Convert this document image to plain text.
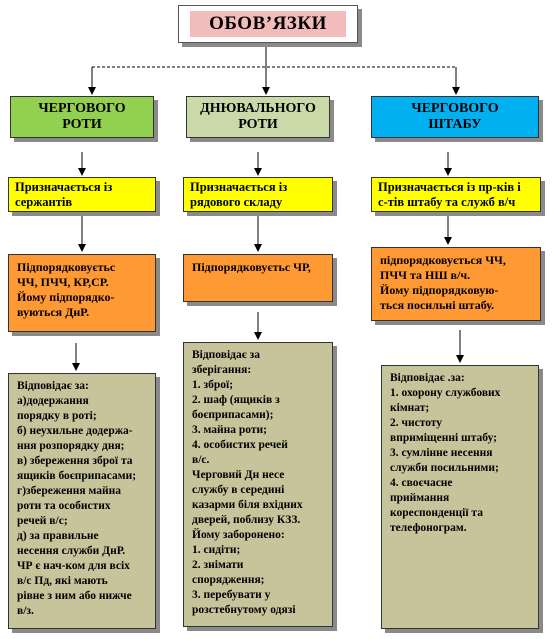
ОБОВ’ЯЗКИ
ЧЕРГОВОГО
РОТИ
Призначається із сержантів
Підпорядковуєтьс
ЧЧ, ПЧЧ, КР,СР.
Йому підпорядко-
вуються ДнР.
Відповідає за:
а)додержання
порядку в роті;
б) неухильне додержа-
ння розпорядку дня;
в) збереження зброї та
ящиків боєприпасами;
г)збереження майна
роти та особистих
речей в/с;
д) за правильне
несення служби ДнР.
ЧР є нач-ком для всіх
в/с Пд, які мають
рівне з ним або нижче
в/з.
ДНЮВАЛЬНОГО
РОТИ
Призначається із
рядового складу
Підпорядковуєтьс ЧР,
Відповідає за
зберігання:
1. зброї;
2. шаф (ящиків з
боєприпасами);
3. майна роти;
4. особистих речей
в/с.
Черговий Дн несе
службу в середині
казарми біля вхідних
дверей, поблизу КЗЗ.
Йому заборонено:
1. сидіти;
2. знімати
спорядження;
3. перебувати у
розстебнутому одязі
ЧЕРГОВОГО
ШТАБУ
Призначається із пр-ків і
с-тів штабу та служб в/ч
підпорядковується ЧЧ,
ПЧЧ та НШ в/ч.
Йому підпорядковую-
ться посильні штабу.
Відповідає .за:
1. охорону службових
кімнат;
2. чистоту
вприміщенні штабу;
3. сумлінне несення
служби посильними;
4. своєчасне
приймання
кореспонденції та
телефонограм.
